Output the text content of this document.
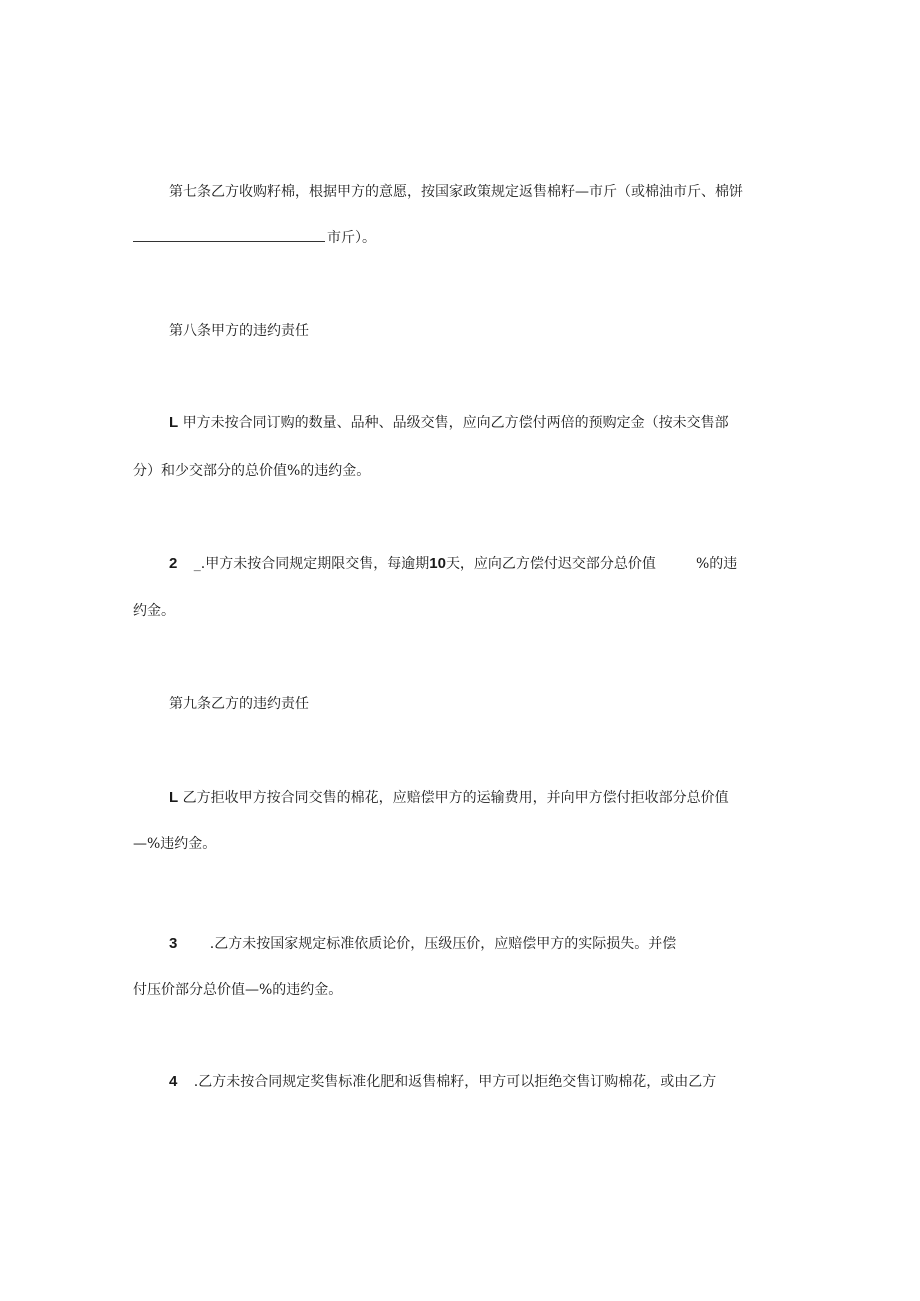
第七条乙方收购籽棉，根据甲方的意愿，按国家政策规定返售棉籽—市斤（或棉油市斤、棉饼
市斤）。
第八条甲方的违约责任
L 甲方未按合同订购的数量、品种、品级交售，应向乙方偿付两倍的预购定金（按未交售部
分）和少交部分的总价值%的违约金。
2 _.甲方未按合同规定期限交售，每逾期10天，应向乙方偿付迟交部分总价值	%的违
约金。
第九条乙方的违约责任
L 乙方拒收甲方按合同交售的棉花，应赔偿甲方的运输费用，并向甲方偿付拒收部分总价值
—%违约金。
3 .乙方未按国家规定标准依质论价，压级压价，应赔偿甲方的实际损失。并偿
付压价部分总价值—%的违约金。
4 .乙方未按合同规定奖售标准化肥和返售棉籽，甲方可以拒绝交售订购棉花，或由乙方
